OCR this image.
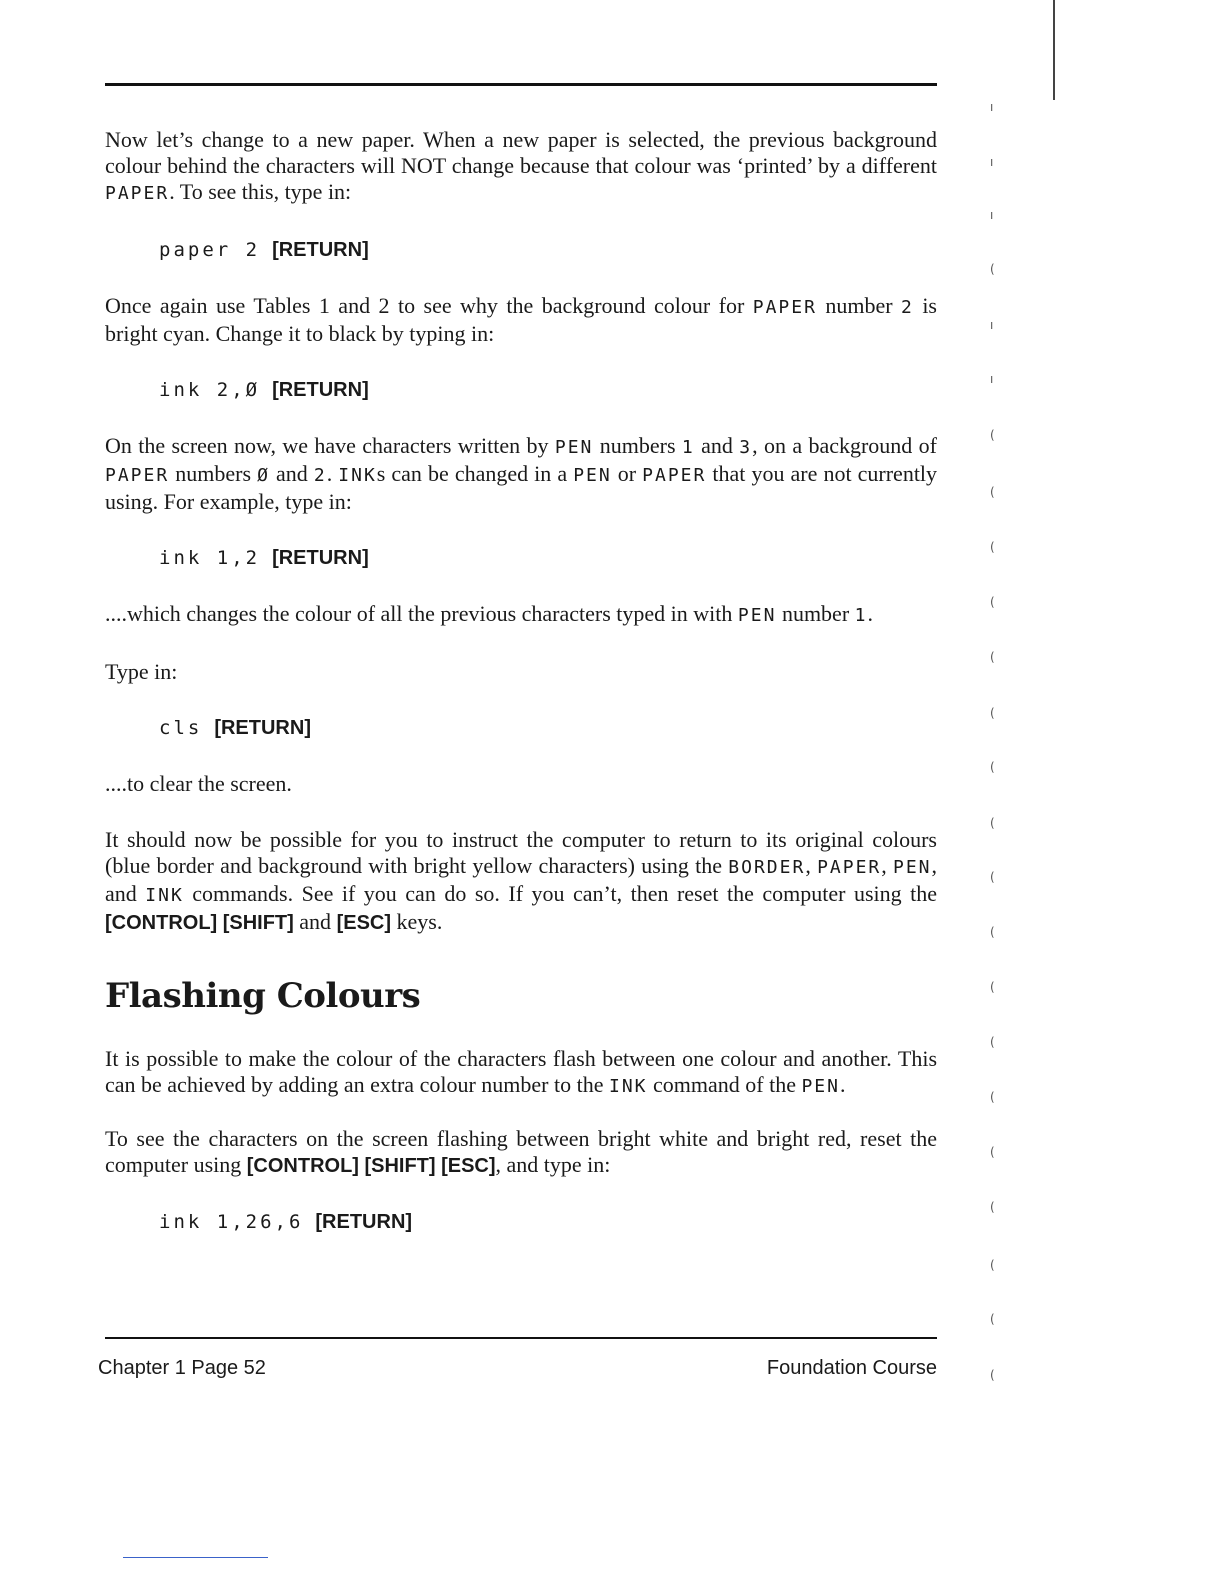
ı
ı
ı
(
ı
ı
(
(
(
(
(
(
(
(
(
(
(
(
(
(
(
(
(
(

Now let’s change to a new paper. When a new paper is selected, the previous background colour behind the characters will NOT change because that colour was ‘printed’ by a different PAPER. To see this, type in:

paper 2 [RETURN]

Once again use Tables 1 and 2 to see why the background colour for PAPER number 2 is bright cyan. Change it to black by typing in:

ink 2,Ø [RETURN]

On the screen now, we have characters written by PEN numbers 1 and 3, on a background of PAPER numbers Ø and 2. INKs can be changed in a PEN or PAPER that you are not currently using. For example, type in:

ink 1,2 [RETURN]

....which changes the colour of all the previous characters typed in with PEN number 1.

Type in:

cls [RETURN]

....to clear the screen.

It should now be possible for you to instruct the computer to return to its original colours (blue border and background with bright yellow characters) using the BORDER, PAPER, PEN, and INK commands. See if you can do so. If you can’t, then reset the computer using the [CONTROL] [SHIFT] and [ESC] keys.

Flashing Colours

It is possible to make the colour of the characters flash between one colour and another. This can be achieved by adding an extra colour number to the INK command of the PEN.

To see the characters on the screen flashing between bright white and bright red, reset the computer using [CONTROL] [SHIFT] [ESC], and type in:

ink 1,26,6 [RETURN]
Chapter 1 Page 52	Foundation Course
